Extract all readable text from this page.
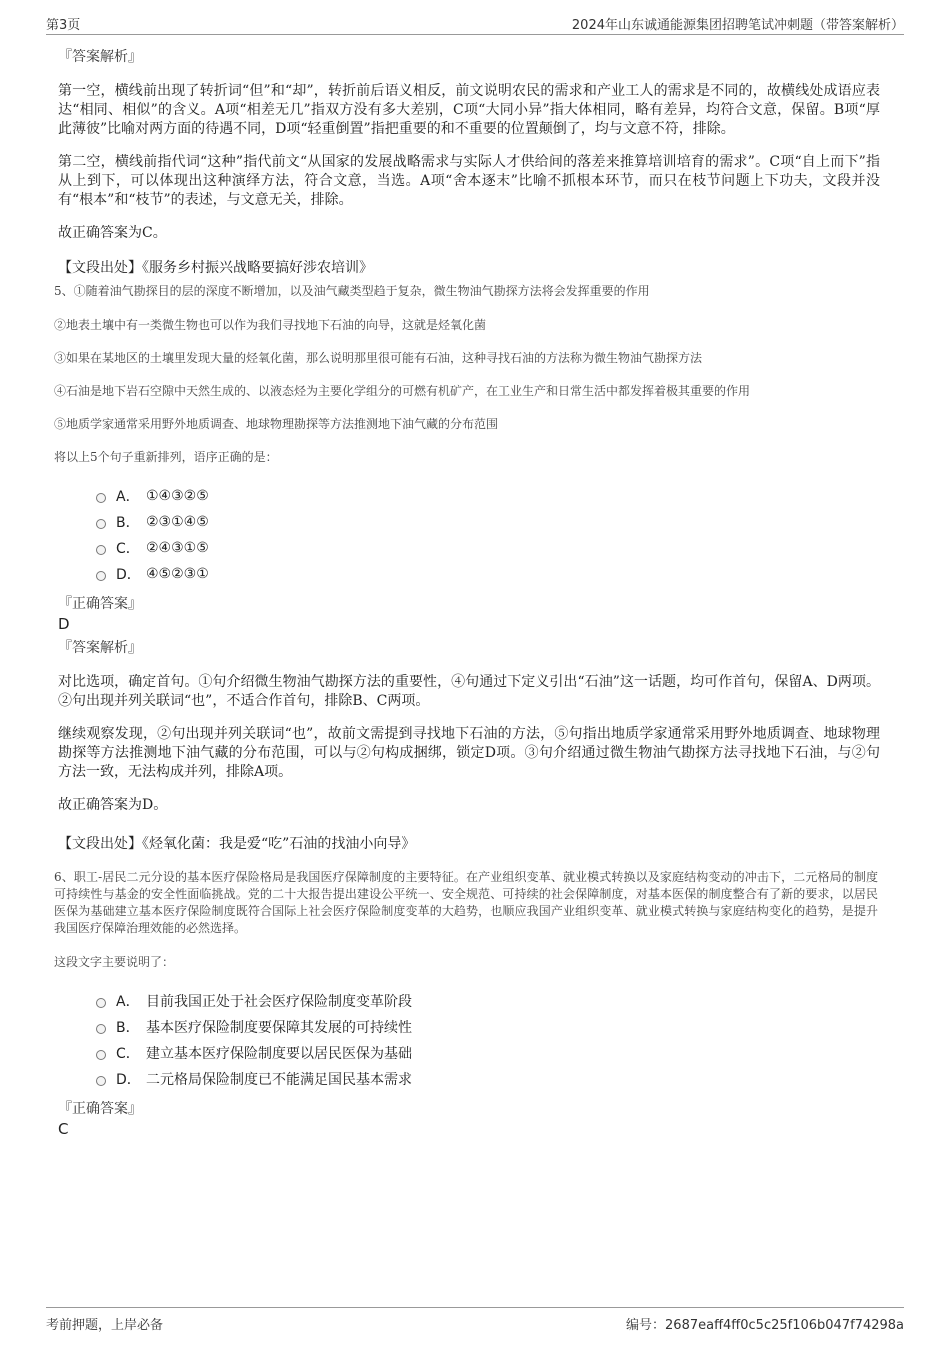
第3页	2024年山东诚通能源集团招聘笔试冲刺题（带答案解析）
『答案解析』
第一空，横线前出现了转折词“但”和“却”，转折前后语义相反，前文说明农民的需求和产业工人的需求是不同的，故横线处成语应表达“相同、相似”的含义。A项“相差无几”指双方没有多大差别，C项“大同小异”指大体相同，略有差异，均符合文意，保留。B项“厚此薄彼”比喻对两方面的待遇不同，D项“轻重倒置”指把重要的和不重要的位置颠倒了，均与文意不符，排除。
第二空，横线前指代词“这种”指代前文“从国家的发展战略需求与实际人才供给间的落差来推算培训培育的需求”。C项“自上而下”指从上到下，可以体现出这种演绎方法，符合文意，当选。A项“舍本逐末”比喻不抓根本环节，而只在枝节问题上下功夫，文段并没有“根本”和“枝节”的表述，与文意无关，排除。
故正确答案为C。
【文段出处】《服务乡村振兴战略要搞好涉农培训》
5、①随着油气勘探目的层的深度不断增加，以及油气藏类型趋于复杂，微生物油气勘探方法将会发挥重要的作用
②地表土壤中有一类微生物也可以作为我们寻找地下石油的向导，这就是烃氧化菌
③如果在某地区的土壤里发现大量的烃氧化菌，那么说明那里很可能有石油，这种寻找石油的方法称为微生物油气勘探方法
④石油是地下岩石空隙中天然生成的、以液态烃为主要化学组分的可燃有机矿产，在工业生产和日常生活中都发挥着极其重要的作用
⑤地质学家通常采用野外地质调查、地球物理勘探等方法推测地下油气藏的分布范围
将以上5个句子重新排列，语序正确的是：
A． ①④③②⑤
B． ②③①④⑤
C． ②④③①⑤
D． ④⑤②③①
『正确答案』
D
『答案解析』
对比选项，确定首句。①句介绍微生物油气勘探方法的重要性，④句通过下定义引出“石油”这一话题，均可作首句，保留A、D两项。②句出现并列关联词“也”，不适合作首句，排除B、C两项。
继续观察发现，②句出现并列关联词“也”，故前文需提到寻找地下石油的方法，⑤句指出地质学家通常采用野外地质调查、地球物理勘探等方法推测地下油气藏的分布范围，可以与②句构成捆绑，锁定D项。③句介绍通过微生物油气勘探方法寻找地下石油，与②句方法一致，无法构成并列，排除A项。
故正确答案为D。
【文段出处】《烃氧化菌：我是爱“吃”石油的找油小向导》
6、职工-居民二元分设的基本医疗保险格局是我国医疗保障制度的主要特征。在产业组织变革、就业模式转换以及家庭结构变动的冲击下，二元格局的制度可持续性与基金的安全性面临挑战。党的二十大报告提出建设公平统一、安全规范、可持续的社会保障制度，对基本医保的制度整合有了新的要求，以居民医保为基础建立基本医疗保险制度既符合国际上社会医疗保险制度变革的大趋势，也顺应我国产业组织变革、就业模式转换与家庭结构变化的趋势，是提升我国医疗保障治理效能的必然选择。
这段文字主要说明了：
A． 目前我国正处于社会医疗保险制度变革阶段
B． 基本医疗保险制度要保障其发展的可持续性
C． 建立基本医疗保险制度要以居民医保为基础
D． 二元格局保险制度已不能满足国民基本需求
『正确答案』
C
考前押题，上岸必备	编号：2687eaff4ff0c5c25f106b047f74298a
